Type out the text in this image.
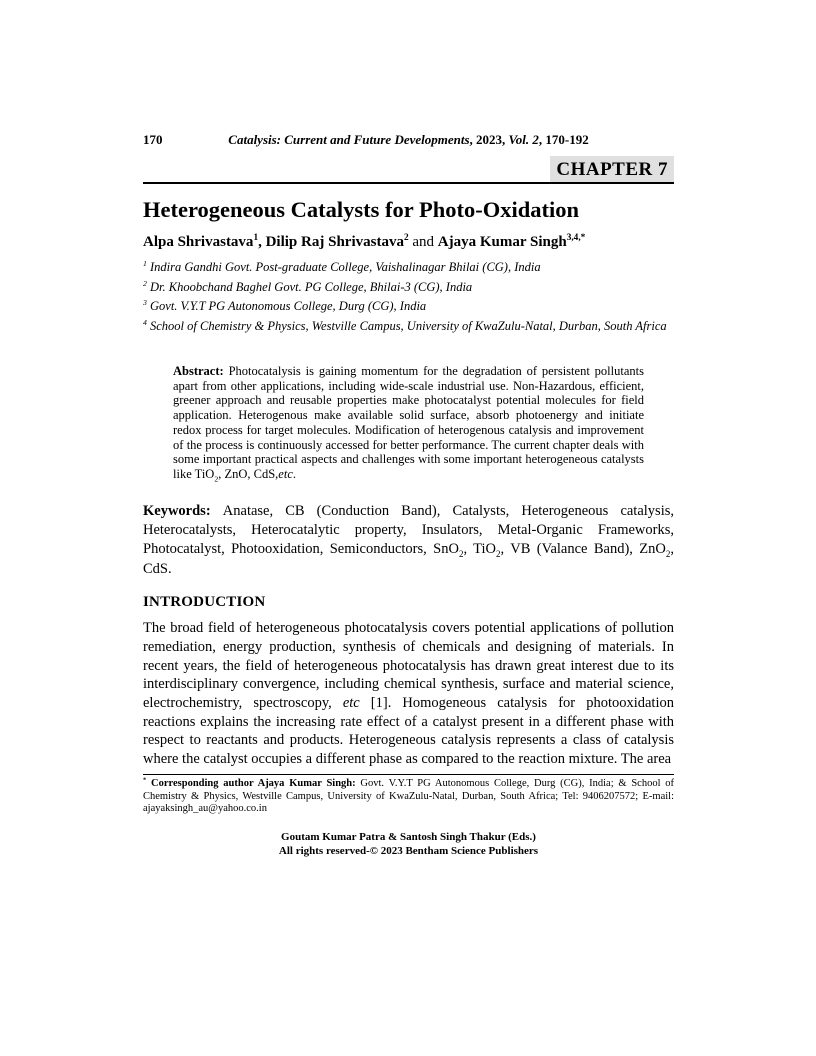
170	Catalysis: Current and Future Developments, 2023, Vol. 2, 170-192
CHAPTER 7
Heterogeneous Catalysts for Photo-Oxidation
Alpa Shrivastava$^1$, Dilip Raj Shrivastava$^2$ and Ajaya Kumar Singh$^{3,4,*}$
$^1$ Indira Gandhi Govt. Post-graduate College, Vaishalinagar Bhilai (CG), India
$^2$ Dr. Khoobchand Baghel Govt. PG College, Bhilai-3 (CG), India
$^3$ Govt. V.Y.T PG Autonomous College, Durg (CG), India
$^4$ School of Chemistry & Physics, Westville Campus, University of KwaZulu-Natal, Durban, South Africa
Abstract: Photocatalysis is gaining momentum for the degradation of persistent pollutants apart from other applications, including wide-scale industrial use. Non-Hazardous, efficient, greener approach and reusable properties make photocatalyst potential molecules for field application. Heterogenous make available solid surface, absorb photoenergy and initiate redox process for target molecules. Modification of heterogenous catalysis and improvement of the process is continuously accessed for better performance. The current chapter deals with some important practical aspects and challenges with some important heterogeneous catalysts like TiO$_2$, ZnO, CdS,etc.
Keywords: Anatase, CB (Conduction Band), Catalysts, Heterogeneous catalysis, Heterocatalysts, Heterocatalytic property, Insulators, Metal-Organic Frameworks, Photocatalyst, Photooxidation, Semiconductors, SnO$_2$, TiO$_2$, VB (Valance Band), ZnO$_2$, CdS.
INTRODUCTION

The broad field of heterogeneous photocatalysis covers potential applications of pollution remediation, energy production, synthesis of chemicals and designing of materials. In recent years, the field of heterogeneous photocatalysis has drawn great interest due to its interdisciplinary convergence, including chemical synthesis, surface and material science, electrochemistry, spectroscopy, etc [1]. Homogeneous catalysis for photooxidation reactions explains the increasing rate effect of a catalyst present in a different phase with respect to reactants and products. Heterogeneous catalysis represents a class of catalysis where the catalyst occupies a different phase as compared to the reaction mixture. The area

* Corresponding author Ajaya Kumar Singh: Govt. V.Y.T PG Autonomous College, Durg (CG), India; & School of Chemistry & Physics, Westville Campus, University of KwaZulu-Natal, Durban, South Africa; Tel: 9406207572; E-mail: ajayaksingh_au@yahoo.co.in
Goutam Kumar Patra & Santosh Singh Thakur (Eds.)
All rights reserved-© 2023 Bentham Science Publishers
